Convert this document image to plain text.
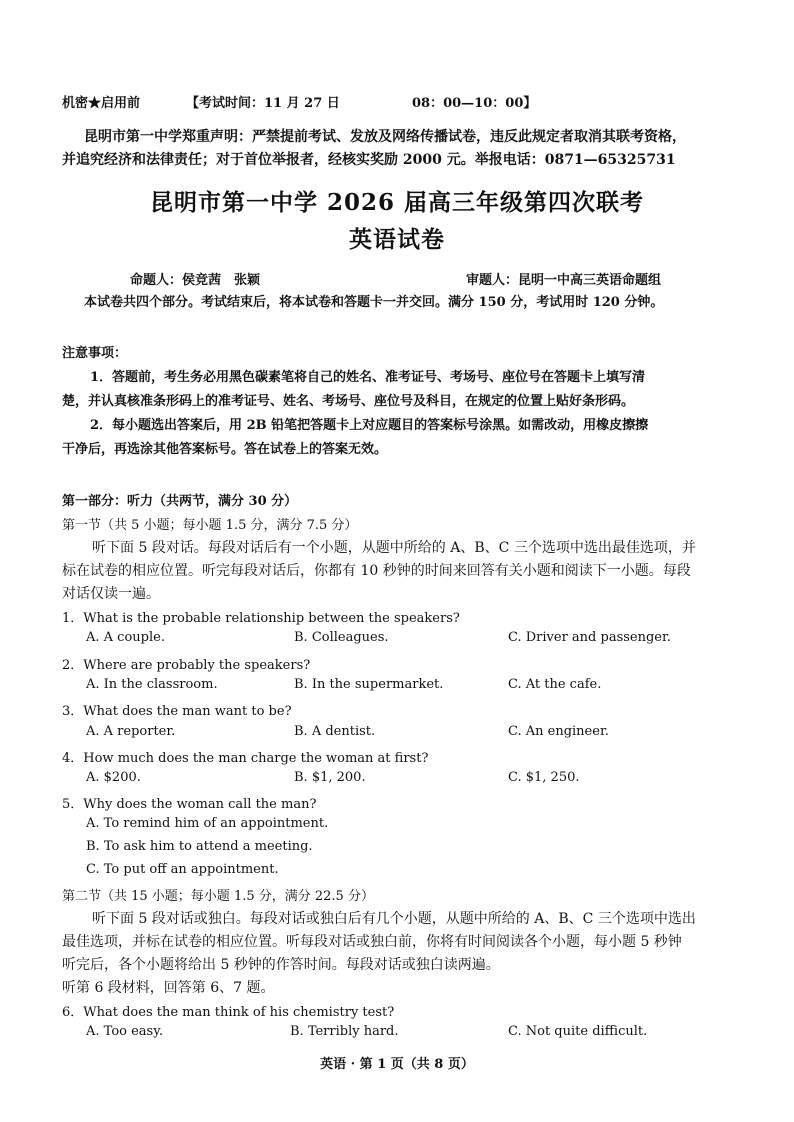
机密★启用前	【考试时间：11 月 27 日	08：00—10：00】
昆明市第一中学郑重声明：严禁提前考试、发放及网络传播试卷，违反此规定者取消其联考资格，
并追究经济和法律责任；对于首位举报者，经核实奖励 2000 元。举报电话：0871—65325731
昆明市第一中学 2026 届高三年级第四次联考
英语试卷
命题人：侯竞茜　张颖	审题人：昆明一中高三英语命题组
本试卷共四个部分。考试结束后，将本试卷和答题卡一并交回。满分 150 分，考试用时 120 分钟。
注意事项：
1．答题前，考生务必用黑色碳素笔将自己的姓名、准考证号、考场号、座位号在答题卡上填写清
楚，并认真核准条形码上的准考证号、姓名、考场号、座位号及科目，在规定的位置上贴好条形码。
2．每小题选出答案后，用 2B 铅笔把答题卡上对应题目的答案标号涂黑。如需改动，用橡皮擦擦
干净后，再选涂其他答案标号。答在试卷上的答案无效。
第一部分：听力（共两节，满分 30 分）
第一节（共 5 小题；每小题 1.5 分，满分 7.5 分）
听下面 5 段对话。每段对话后有一个小题，从题中所给的 A、B、C 三个选项中选出最佳选项，并
标在试卷的相应位置。听完每段对话后，你都有 10 秒钟的时间来回答有关小题和阅读下一小题。每段
对话仅读一遍。
1．What is the probable relationship between the speakers?
A. A couple.	B. Colleagues.	C. Driver and passenger.
2．Where are probably the speakers?
A. In the classroom.	B. In the supermarket.	C. At the cafe.
3．What does the man want to be?
A. A reporter.	B. A dentist.	C. An engineer.
4．How much does the man charge the woman at first?
A. $200.	B. $1, 200.	C. $1, 250.
5．Why does the woman call the man?
A. To remind him of an appointment.
B. To ask him to attend a meeting.
C. To put off an appointment.
第二节（共 15 小题；每小题 1.5 分，满分 22.5 分）
听下面 5 段对话或独白。每段对话或独白后有几个小题，从题中所给的 A、B、C 三个选项中选出
最佳选项，并标在试卷的相应位置。听每段对话或独白前，你将有时间阅读各个小题，每小题 5 秒钟
听完后，各个小题将给出 5 秒钟的作答时间。每段对话或独白读两遍。
听第 6 段材料，回答第 6、7 题。
6．What does the man think of his chemistry test?
A. Too easy.	B. Terribly hard.	C. Not quite difficult.
英语 · 第 1 页（共 8 页）
